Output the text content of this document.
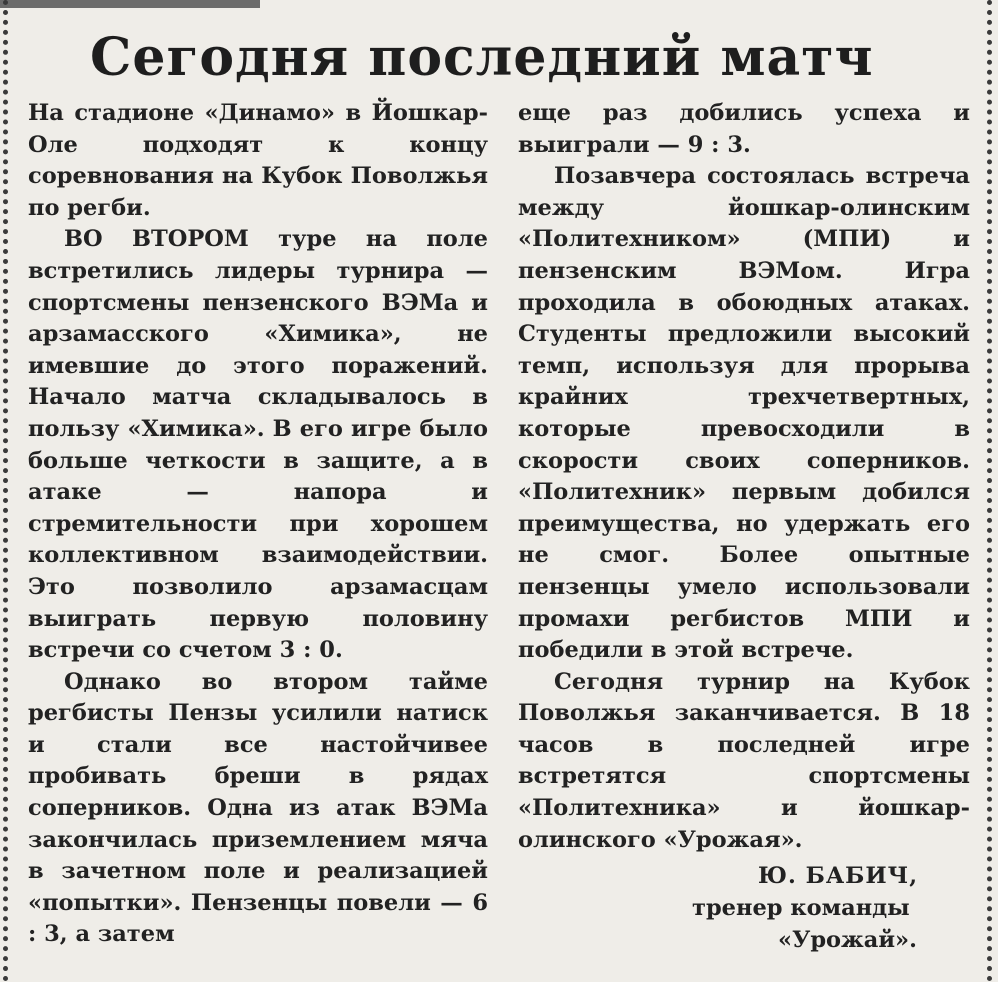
Сегодня последний матч

На стадионе «Динамо» в Йошкар-Оле подходят к концу соревнования на Кубок Поволжья по регби.

ВО ВТОРОМ туре на поле встретились лидеры турнира — спортсмены пензенского ВЭМа и арзамасского «Химика», не имевшие до этого поражений. Начало матча складывалось в пользу «Химика». В его игре было больше четкости в защите, а в атаке — напора и стремительности при хорошем коллективном взаимодействии. Это позволило арзамасцам выиграть первую половину встречи со счетом 3 : 0.

Однако во втором тайме регбисты Пензы усилили натиск и стали все настойчивее пробивать бреши в рядах соперников. Одна из атак ВЭМа закончилась приземлением мяча в зачетном поле и реализацией «попытки». Пензенцы повели — 6 : 3, а затем

еще раз добились успеха и выиграли — 9 : 3.

Позавчера состоялась встреча между йошкар-олинским «Политехником» (МПИ) и пензенским ВЭМом. Игра проходила в обоюдных атаках. Студенты предложили высокий темп, используя для прорыва крайних трехчетвертных, которые превосходили в скорости своих соперников. «Политехник» первым добился преимущества, но удержать его не смог. Более опытные пензенцы умело использовали промахи регбистов МПИ и победили в этой встрече.

Сегодня турнир на Кубок Поволжья заканчивается. В 18 часов в последней игре встретятся спортсмены «Политехника» и йошкар-олинского «Урожая».

Ю. БАБИЧ,
тренер команды
«Урожай».
